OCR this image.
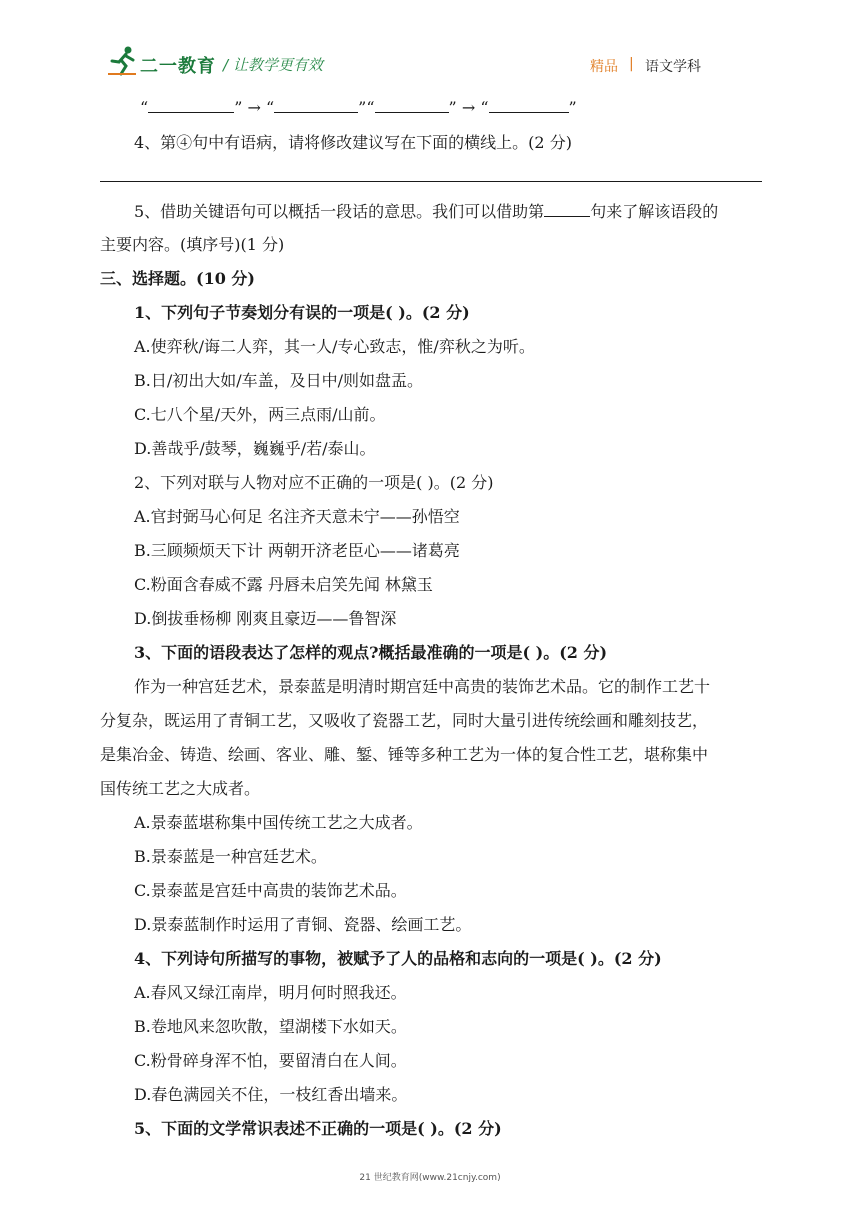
二一教育 / 让教学更有效	精品 | 语文学科
“	” → “	”“	” → “	”
4、第④句中有语病，请将修改建议写在下面的横线上。(2 分)
5、借助关键语句可以概括一段话的意思。我们可以借助第	句来了解该语段的
主要内容。(填序号)(1 分)
三、选择题。(10 分)
1、下列句子节奏划分有误的一项是( )。(2 分)
A.使弈秋/诲二人弈，其一人/专心致志，惟/弈秋之为听。
B.日/初出大如/车盖，及日中/则如盘盂。
C.七八个星/天外，两三点雨/山前。
D.善哉乎/鼓琴，巍巍乎/若/泰山。
2、下列对联与人物对应不正确的一项是( )。(2 分)
A.官封弼马心何足 名注齐天意未宁——孙悟空
B.三顾频烦天下计 两朝开济老臣心——诸葛亮
C.粉面含春威不露 丹唇未启笑先闻 林黛玉
D.倒拔垂杨柳 刚爽且豪迈——鲁智深
3、下面的语段表达了怎样的观点?概括最准确的一项是( )。(2 分)
作为一种宫廷艺术，景泰蓝是明清时期宫廷中高贵的装饰艺术品。它的制作工艺十
分复杂，既运用了青铜工艺，又吸收了瓷器工艺，同时大量引进传统绘画和雕刻技艺，
是集冶金、铸造、绘画、客业、雕、錾、锤等多种工艺为一体的复合性工艺，堪称集中
国传统工艺之大成者。
A.景泰蓝堪称集中国传统工艺之大成者。
B.景泰蓝是一种宫廷艺术。
C.景泰蓝是宫廷中高贵的装饰艺术品。
D.景泰蓝制作时运用了青铜、瓷器、绘画工艺。
4、下列诗句所描写的事物，被赋予了人的品格和志向的一项是( )。(2 分)
A.春风又绿江南岸，明月何时照我还。
B.卷地风来忽吹散，望湖楼下水如天。
C.粉骨碎身浑不怕，要留清白在人间。
D.春色满园关不住，一枝红香出墙来。
5、下面的文学常识表述不正确的一项是( )。(2 分)
21 世纪教育网(www.21cnjy.com)
